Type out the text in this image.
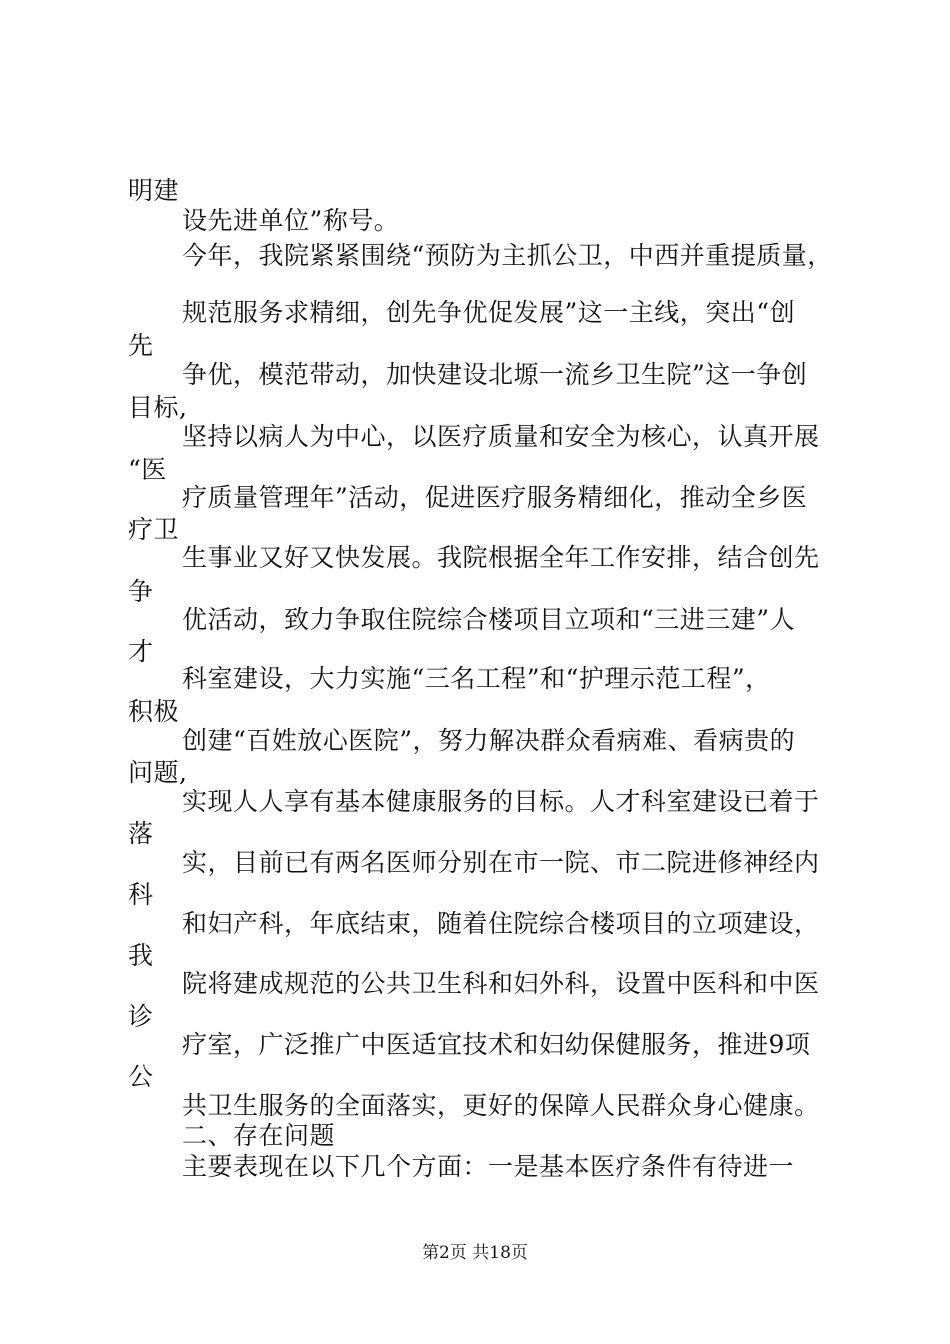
明建
设先进单位”称号。
今年，我院紧紧围绕“预防为主抓公卫，中西并重提质量，
规范服务求精细，创先争优促发展”这一主线，突出“创
先
争优，模范带动，加快建设北塬一流乡卫生院”这一争创
目标,
坚持以病人为中心，以医疗质量和安全为核心，认真开展
“医
疗质量管理年”活动，促进医疗服务精细化，推动全乡医
疗卫
生事业又好又快发展。我院根据全年工作安排，结合创先
争
优活动，致力争取住院综合楼项目立项和“三进三建”人
才
科室建设，大力实施“三名工程”和“护理示范工程”，
积极
创建“百姓放心医院”，努力解决群众看病难、看病贵的
问题,
实现人人享有基本健康服务的目标。人才科室建设已着于
落
实，目前已有两名医师分别在市一院、市二院进修神经内
科
和妇产科，年底结束，随着住院综合楼项目的立项建设，
我
院将建成规范的公共卫生科和妇外科，设置中医科和中医
诊
疗室，广泛推广中医适宜技术和妇幼保健服务，推进9项
公
共卫生服务的全面落实，更好的保障人民群众身心健康。
二、存在问题
主要表现在以下几个方面：一是基本医疗条件有待进一
第2页 共18页
